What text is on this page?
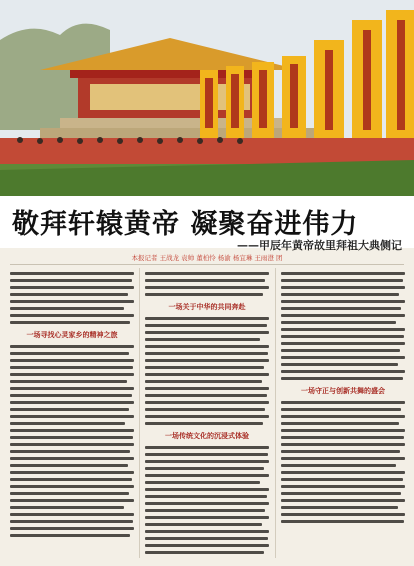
敬拜轩辕黄帝 凝聚奋进伟力
——甲辰年黄帝故里拜祖大典侧记
本报记者 王战龙 袁帅 董柏怜 杨渝 杨宜琳 王雨澄 团
一场寻找心灵家乡的精神之旅
一场关于中华的共同奔赴
一场传统文化的沉浸式体验
一场守正与创新共舞的盛会
